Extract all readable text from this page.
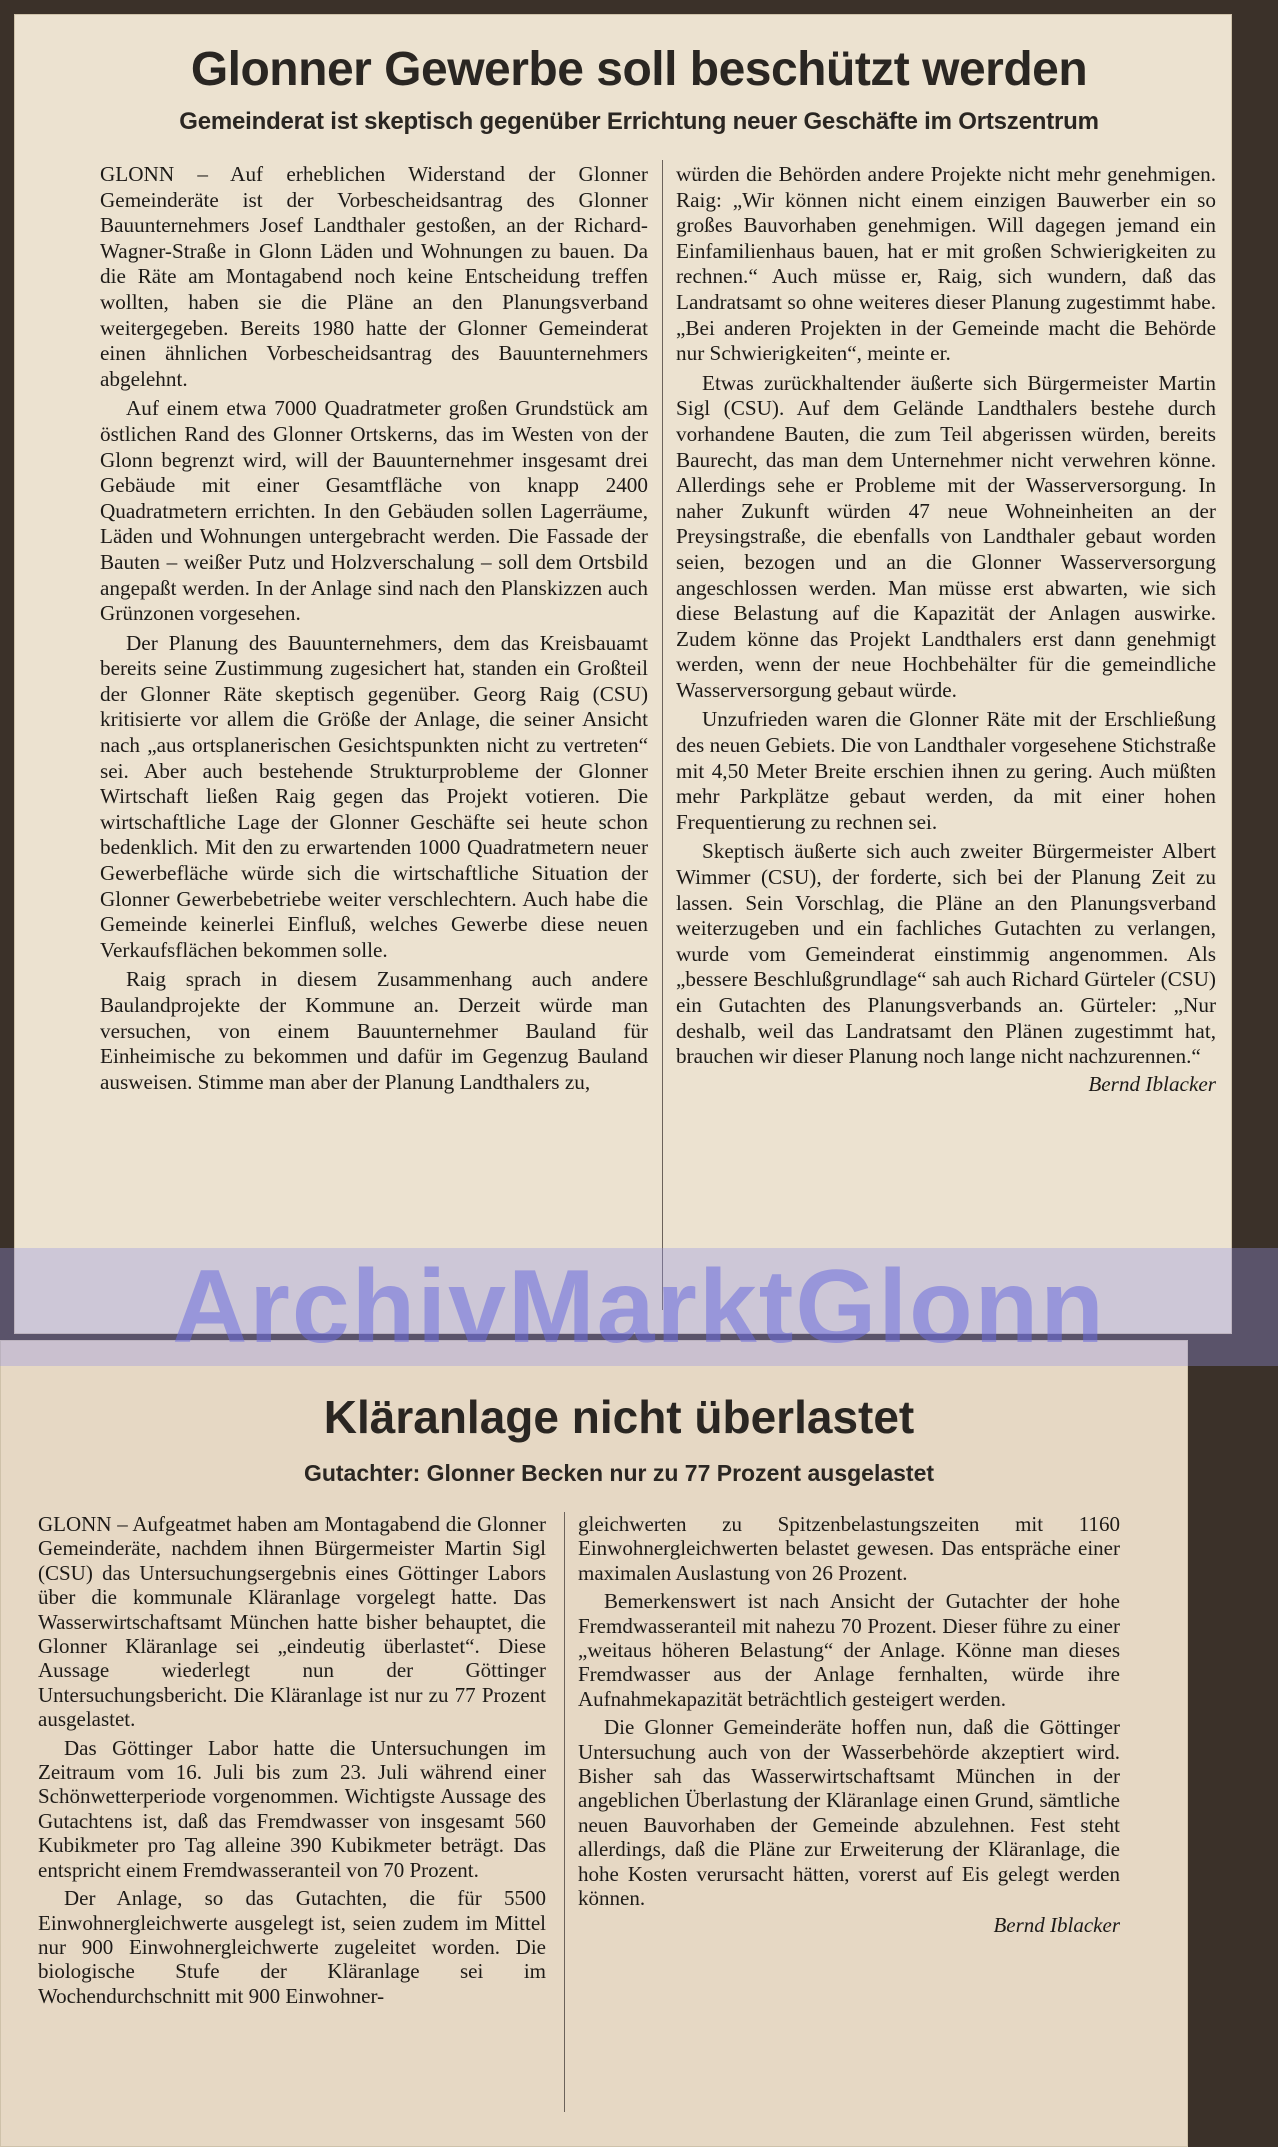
Glonner Gewerbe soll beschützt werden
Gemeinderat ist skeptisch gegenüber Errichtung neuer Geschäfte im Ortszentrum

GLONN – Auf erheblichen Widerstand der Glonner Gemeinderäte ist der Vorbescheidsantrag des Glonner Bauunternehmers Josef Landthaler gestoßen, an der Richard-Wagner-Straße in Glonn Läden und Wohnungen zu bauen. Da die Räte am Montagabend noch keine Entscheidung treffen wollten, haben sie die Pläne an den Planungsverband weitergegeben. Bereits 1980 hatte der Glonner Gemeinderat einen ähnlichen Vorbescheidsantrag des Bauunternehmers abgelehnt.

Auf einem etwa 7000 Quadratmeter großen Grundstück am östlichen Rand des Glonner Ortskerns, das im Westen von der Glonn begrenzt wird, will der Bauunternehmer insgesamt drei Gebäude mit einer Gesamtfläche von knapp 2400 Quadratmetern errichten. In den Gebäuden sollen Lagerräume, Läden und Wohnungen untergebracht werden. Die Fassade der Bauten – weißer Putz und Holzverschalung – soll dem Ortsbild angepaßt werden. In der Anlage sind nach den Planskizzen auch Grünzonen vorgesehen.

Der Planung des Bauunternehmers, dem das Kreisbauamt bereits seine Zustimmung zugesichert hat, standen ein Großteil der Glonner Räte skeptisch gegenüber. Georg Raig (CSU) kritisierte vor allem die Größe der Anlage, die seiner Ansicht nach „aus ortsplanerischen Gesichtspunkten nicht zu vertreten“ sei. Aber auch bestehende Strukturprobleme der Glonner Wirtschaft ließen Raig gegen das Projekt votieren. Die wirtschaftliche Lage der Glonner Geschäfte sei heute schon bedenklich. Mit den zu erwartenden 1000 Quadratmetern neuer Gewerbefläche würde sich die wirtschaftliche Situation der Glonner Gewerbebetriebe weiter verschlechtern. Auch habe die Gemeinde keinerlei Einfluß, welches Gewerbe diese neuen Verkaufsflächen bekommen solle.

Raig sprach in diesem Zusammenhang auch andere Baulandprojekte der Kommune an. Derzeit würde man versuchen, von einem Bauunternehmer Bauland für Einheimische zu bekommen und dafür im Gegenzug Bauland ausweisen. Stimme man aber der Planung Landthalers zu,

würden die Behörden andere Projekte nicht mehr genehmigen. Raig: „Wir können nicht einem einzigen Bauwerber ein so großes Bauvorhaben genehmigen. Will dagegen jemand ein Einfamilienhaus bauen, hat er mit großen Schwierigkeiten zu rechnen.“ Auch müsse er, Raig, sich wundern, daß das Landratsamt so ohne weiteres dieser Planung zugestimmt habe. „Bei anderen Projekten in der Gemeinde macht die Behörde nur Schwierigkeiten“, meinte er.

Etwas zurückhaltender äußerte sich Bürgermeister Martin Sigl (CSU). Auf dem Gelände Landthalers bestehe durch vorhandene Bauten, die zum Teil abgerissen würden, bereits Baurecht, das man dem Unternehmer nicht verwehren könne. Allerdings sehe er Probleme mit der Wasserversorgung. In naher Zukunft würden 47 neue Wohneinheiten an der Preysingstraße, die ebenfalls von Landthaler gebaut worden seien, bezogen und an die Glonner Wasserversorgung angeschlossen werden. Man müsse erst abwarten, wie sich diese Belastung auf die Kapazität der Anlagen auswirke. Zudem könne das Projekt Landthalers erst dann genehmigt werden, wenn der neue Hochbehälter für die gemeindliche Wasserversorgung gebaut würde.

Unzufrieden waren die Glonner Räte mit der Erschließung des neuen Gebiets. Die von Landthaler vorgesehene Stichstraße mit 4,50 Meter Breite erschien ihnen zu gering. Auch müßten mehr Parkplätze gebaut werden, da mit einer hohen Frequentierung zu rechnen sei.

Skeptisch äußerte sich auch zweiter Bürgermeister Albert Wimmer (CSU), der forderte, sich bei der Planung Zeit zu lassen. Sein Vorschlag, die Pläne an den Planungsverband weiterzugeben und ein fachliches Gutachten zu verlangen, wurde vom Gemeinderat einstimmig angenommen. Als „bessere Beschlußgrundlage“ sah auch Richard Gürteler (CSU) ein Gutachten des Planungsverbands an. Gürteler: „Nur deshalb, weil das Landratsamt den Plänen zugestimmt hat, brauchen wir dieser Planung noch lange nicht nachzurennen.“

Bernd Iblacker
Kläranlage nicht überlastet
Gutachter: Glonner Becken nur zu 77 Prozent ausgelastet

GLONN – Aufgeatmet haben am Montagabend die Glonner Gemeinderäte, nachdem ihnen Bürgermeister Martin Sigl (CSU) das Untersuchungsergebnis eines Göttinger Labors über die kommunale Kläranlage vorgelegt hatte. Das Wasserwirtschaftsamt München hatte bisher behauptet, die Glonner Kläranlage sei „eindeutig überlastet“. Diese Aussage wiederlegt nun der Göttinger Untersuchungsbericht. Die Kläranlage ist nur zu 77 Prozent ausgelastet.

Das Göttinger Labor hatte die Untersuchungen im Zeitraum vom 16. Juli bis zum 23. Juli während einer Schönwetterperiode vorgenommen. Wichtigste Aussage des Gutachtens ist, daß das Fremdwasser von insgesamt 560 Kubikmeter pro Tag alleine 390 Kubikmeter beträgt. Das entspricht einem Fremdwasseranteil von 70 Prozent.

Der Anlage, so das Gutachten, die für 5500 Einwohnergleichwerte ausgelegt ist, seien zudem im Mittel nur 900 Einwohnergleichwerte zugeleitet worden. Die biologische Stufe der Kläranlage sei im Wochendurchschnitt mit 900 Einwohner-

gleichwerten zu Spitzenbelastungszeiten mit 1160 Einwohnergleichwerten belastet gewesen. Das entspräche einer maximalen Auslastung von 26 Prozent.

Bemerkenswert ist nach Ansicht der Gutachter der hohe Fremdwasseranteil mit nahezu 70 Prozent. Dieser führe zu einer „weitaus höheren Belastung“ der Anlage. Könne man dieses Fremdwasser aus der Anlage fernhalten, würde ihre Aufnahmekapazität beträchtlich gesteigert werden.

Die Glonner Gemeinderäte hoffen nun, daß die Göttinger Untersuchung auch von der Wasserbehörde akzeptiert wird. Bisher sah das Wasserwirtschaftsamt München in der angeblichen Überlastung der Kläranlage einen Grund, sämtliche neuen Bauvorhaben der Gemeinde abzulehnen. Fest steht allerdings, daß die Pläne zur Erweiterung der Kläranlage, die hohe Kosten verursacht hätten, vorerst auf Eis gelegt werden können.

Bernd Iblacker
ArchivMarktGlonn
